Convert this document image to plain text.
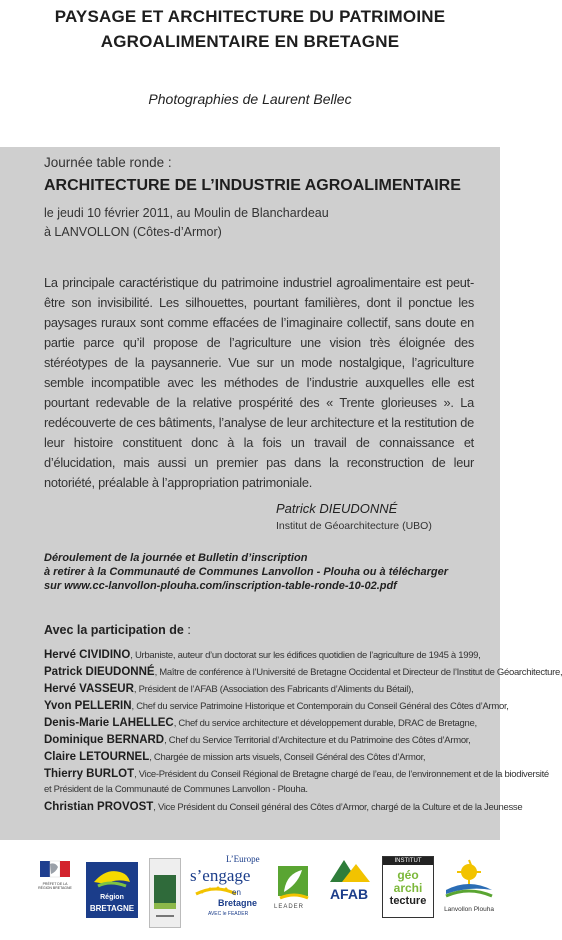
PAYSAGE ET ARCHITECTURE DU PATRIMOINE
AGROALIMENTAIRE EN BRETAGNE
Photographies de Laurent Bellec
Journée table ronde :
ARCHITECTURE DE L’INDUSTRIE AGROALIMENTAIRE
le jeudi 10 février 2011, au Moulin de Blanchardeau
à LANVOLLON (Côtes-d’Armor)
La principale caractéristique du patrimoine industriel agroalimentaire est peut-être son invisibilité. Les silhouettes, pourtant familières, dont il ponctue les paysages ruraux sont comme effacées de l’imaginaire collectif, sans doute en partie parce qu’il propose de l’agriculture une vision très éloignée des stéréotypes de la paysannerie. Vue sur un mode nostalgique, l’agriculture semble incompatible avec les méthodes de l’industrie auxquelles elle est pourtant redevable de la relative prospérité des « Trente glorieuses ». La redécouverte de ces bâtiments, l’analyse de leur architecture et la restitution de leur histoire constituent donc à la fois un travail de connaissance et d’élucidation, mais aussi un premier pas dans la reconstruction de leur notoriété, préalable à l’appropriation patrimoniale.
Patrick DIEUDONNÉ
Institut de Géoarchitecture (UBO)
Déroulement de la journée et Bulletin d’inscription
à retirer à la Communauté de Communes Lanvollon - Plouha ou à télécharger
sur www.cc-lanvollon-plouha.com/inscription-table-ronde-10-02.pdf
Avec la participation de :
Hervé CIVIDINO, Urbaniste, auteur d’un doctorat sur les édifices quotidien de l’agriculture de 1945 à 1999,
Patrick DIEUDONNÉ, Maître de conférence à l’Université de Bretagne Occidental et Directeur de l’Institut de Géoarchitecture,
Hervé VASSEUR, Président de l’AFAB (Association des Fabricants d’Aliments du Bétail),
Yvon PELLERIN, Chef du service Patrimoine Historique et Contemporain du Conseil Général des Côtes d’Armor,
Denis-Marie LAHELLEC, Chef du service architecture et développement durable, DRAC de Bretagne,
Dominique BERNARD, Chef du Service Territorial d’Architecture et du Patrimoine des Côtes d’Armor,
Claire LETOURNEL, Chargée de mission arts visuels, Conseil Général des Côtes d’Armor,
Thierry BURLOT, Vice-Président du Conseil Régional de Bretagne chargé de l’eau, de l’environnement et de la biodiversité
et Président de la Communauté de Communes Lanvollon - Plouha.
Christian PROVOST, Vice Président du Conseil général des Côtes d’Armor, chargé de la Culture et de la Jeunesse
PRÉFET DE LA RÉGION BRETAGNE
Région
BRETAGNE
L’Europe
s’engage
en
Bretagne
AVEC le FEADER
LEADER
AFAB
INSTITUT
géo
archi
tecture
Lanvollon Plouha
